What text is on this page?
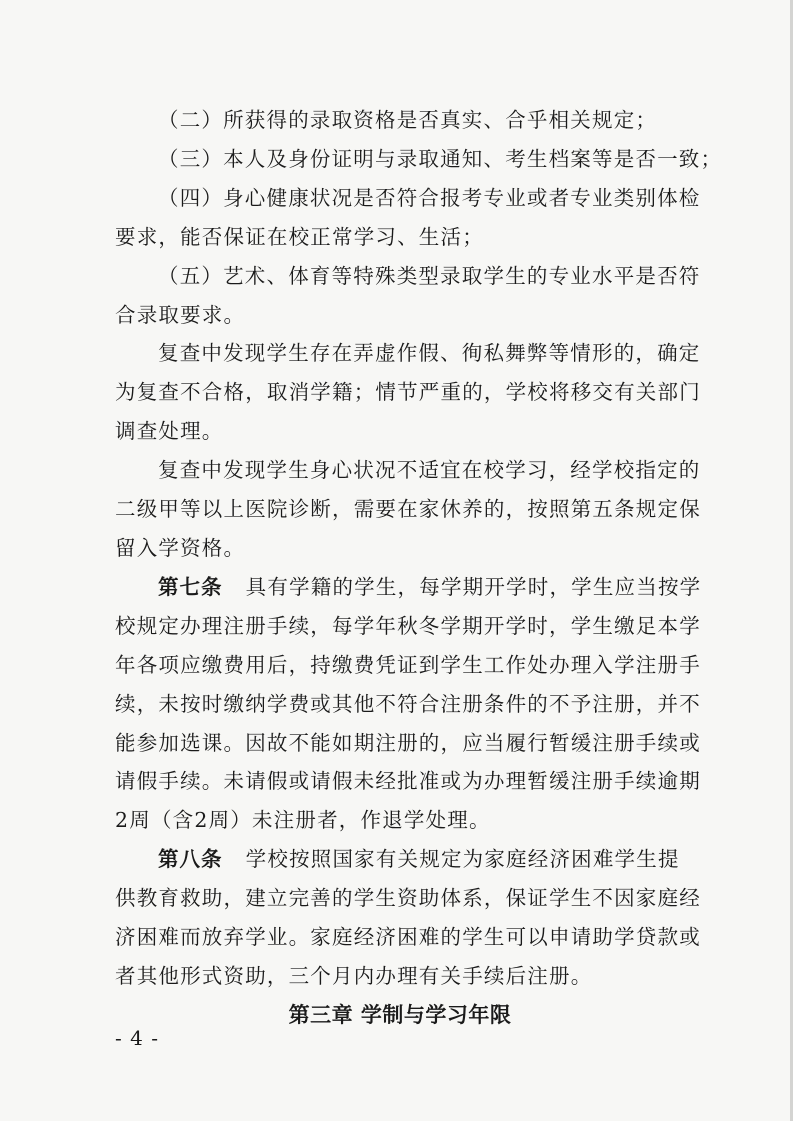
（二）所获得的录取资格是否真实、合乎相关规定；

（三）本人及身份证明与录取通知、考生档案等是否一致；

（四）身心健康状况是否符合报考专业或者专业类别体检
要求，能否保证在校正常学习、生活；

（五）艺术、体育等特殊类型录取学生的专业水平是否符
合录取要求。

复查中发现学生存在弄虚作假、徇私舞弊等情形的，确定
为复查不合格，取消学籍；情节严重的，学校将移交有关部门
调查处理。

复查中发现学生身心状况不适宜在校学习，经学校指定的
二级甲等以上医院诊断，需要在家休养的，按照第五条规定保
留入学资格。

第七条 具有学籍的学生，每学期开学时，学生应当按学
校规定办理注册手续，每学年秋冬学期开学时，学生缴足本学
年各项应缴费用后，持缴费凭证到学生工作处办理入学注册手
续，未按时缴纳学费或其他不符合注册条件的不予注册，并不
能参加选课。因故不能如期注册的，应当履行暂缓注册手续或
请假手续。未请假或请假未经批准或为办理暂缓注册手续逾期
2周（含2周）未注册者，作退学处理。

第八条 学校按照国家有关规定为家庭经济困难学生提
供教育救助，建立完善的学生资助体系，保证学生不因家庭经
济困难而放弃学业。家庭经济困难的学生可以申请助学贷款或
者其他形式资助，三个月内办理有关手续后注册。

第三章 学制与学习年限

- 4 -
